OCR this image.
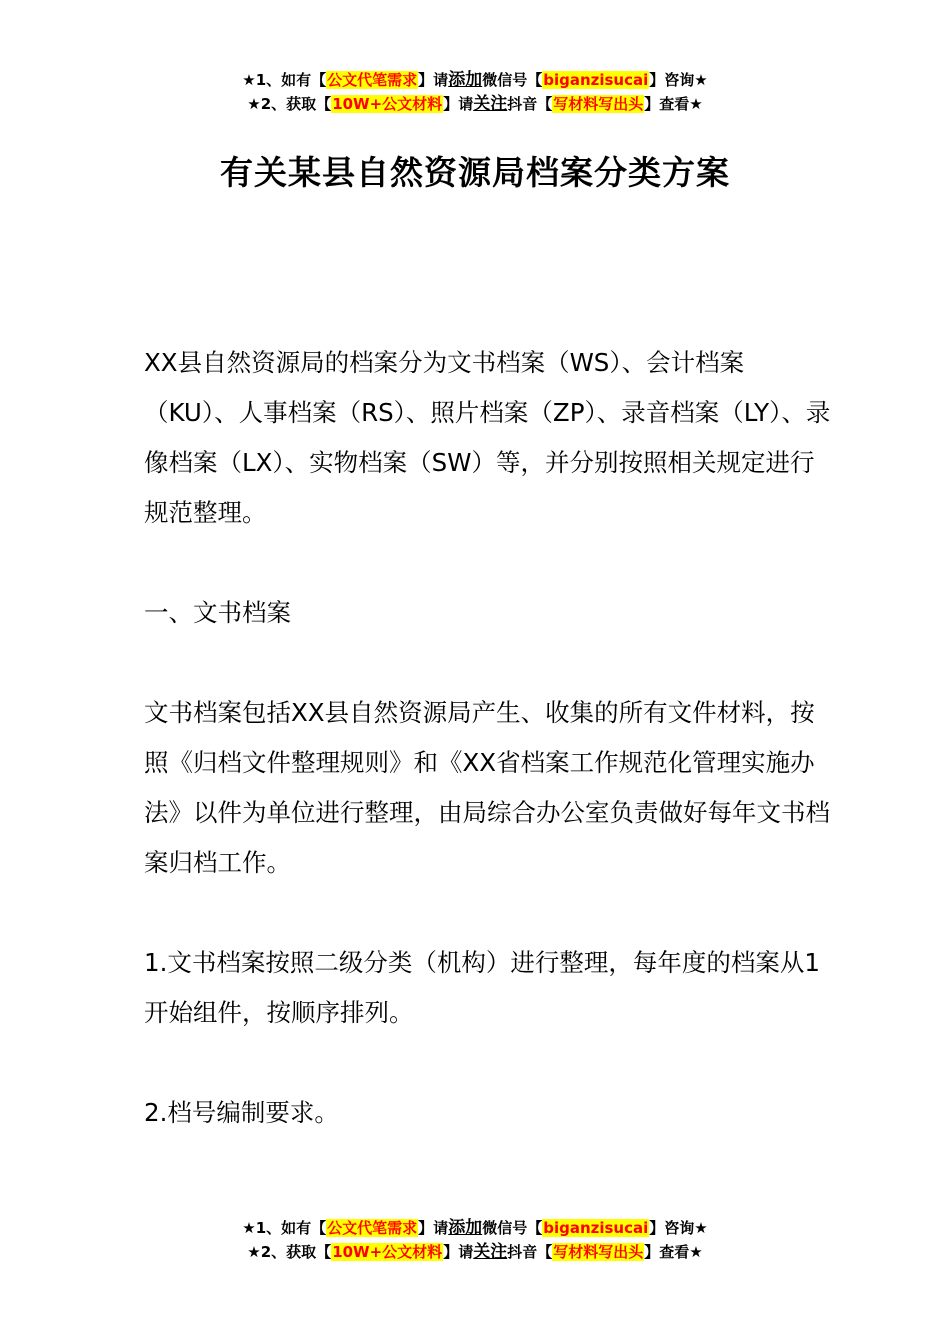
★1、如有【公文代笔需求】请添加微信号【biganzisucai】咨询★
★2、获取【10W+公文材料】请关注抖音【写材料写出头】查看★
有关某县自然资源局档案分类方案

XX县自然资源局的档案分为文书档案（WS）、会计档案（KU）、人事档案（RS）、照片档案（ZP）、录音档案（LY）、录像档案（LX）、实物档案（SW）等，并分别按照相关规定进行规范整理。

一、文书档案

文书档案包括XX县自然资源局产生、收集的所有文件材料，按照《归档文件整理规则》和《XX省档案工作规范化管理实施办法》以件为单位进行整理，由局综合办公室负责做好每年文书档案归档工作。

1.文书档案按照二级分类（机构）进行整理，每年度的档案从1开始组件，按顺序排列。

2.档号编制要求。

★1、如有【公文代笔需求】请添加微信号【biganzisucai】咨询★
★2、获取【10W+公文材料】请关注抖音【写材料写出头】查看★
